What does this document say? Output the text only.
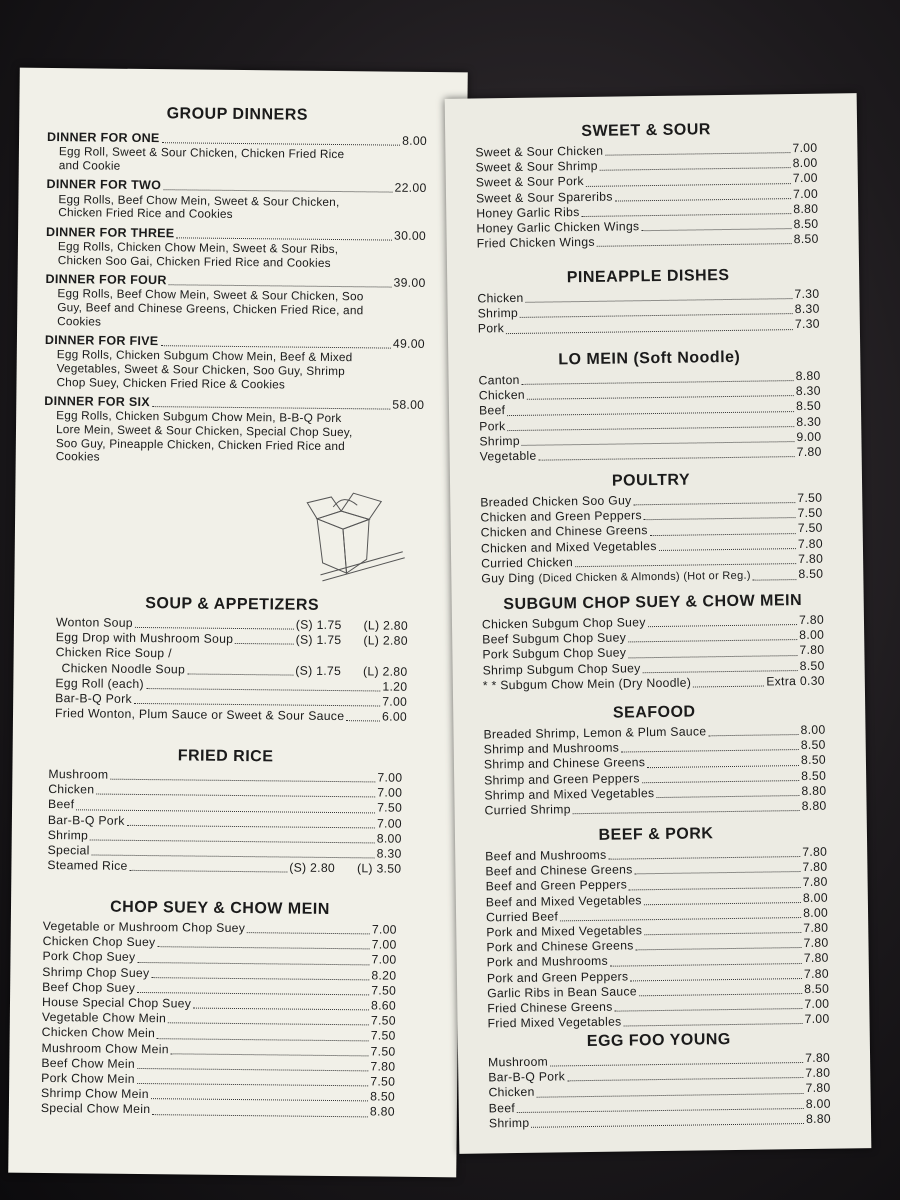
GROUP DINNERS
DINNER FOR ONE	8.00
Egg Roll, Sweet & Sour Chicken, Chicken Fried Rice and Cookie
DINNER FOR TWO	22.00
Egg Rolls, Beef Chow Mein, Sweet & Sour Chicken, Chicken Fried Rice and Cookies
DINNER FOR THREE	30.00
Egg Rolls, Chicken Chow Mein, Sweet & Sour Ribs, Chicken Soo Gai, Chicken Fried Rice and Cookies
DINNER FOR FOUR	39.00
Egg Rolls, Beef Chow Mein, Sweet & Sour Chicken, Soo Guy, Beef and Chinese Greens, Chicken Fried Rice, and Cookies
DINNER FOR FIVE	49.00
Egg Rolls, Chicken Subgum Chow Mein, Beef & Mixed Vegetables, Sweet & Sour Chicken, Soo Guy, Shrimp Chop Suey, Chicken Fried Rice & Cookies
DINNER FOR SIX	58.00
Egg Rolls, Chicken Subgum Chow Mein, B-B-Q Pork Lore Mein, Sweet & Sour Chicken, Special Chop Suey, Soo Guy, Pineapple Chicken, Chicken Fried Rice and Cookies
SOUP & APPETIZERS
Wonton Soup	(S) 1.75 (L) 2.80
Egg Drop with Mushroom Soup	(S) 1.75 (L) 2.80
Chicken Rice Soup /
Chicken Noodle Soup	(S) 1.75 (L) 2.80
Egg Roll (each)	1.20
Bar-B-Q Pork	7.00
Fried Wonton, Plum Sauce or Sweet & Sour Sauce	6.00
FRIED RICE
Mushroom	7.00
Chicken	7.00
Beef	7.50
Bar-B-Q Pork	7.00
Shrimp	8.00
Special	8.30
Steamed Rice	(S) 2.80 (L) 3.50
CHOP SUEY & CHOW MEIN
Vegetable or Mushroom Chop Suey	7.00
Chicken Chop Suey	7.00
Pork Chop Suey	7.00
Shrimp Chop Suey	8.20
Beef Chop Suey	7.50
House Special Chop Suey	8.60
Vegetable Chow Mein	7.50
Chicken Chow Mein	7.50
Mushroom Chow Mein	7.50
Beef Chow Mein	7.80
Pork Chow Mein	7.50
Shrimp Chow Mein	8.50
Special Chow Mein	8.80
SWEET & SOUR
Sweet & Sour Chicken	7.00
Sweet & Sour Shrimp	8.00
Sweet & Sour Pork	7.00
Sweet & Sour Spareribs	7.00
Honey Garlic Ribs	8.80
Honey Garlic Chicken Wings	8.50
Fried Chicken Wings	8.50
PINEAPPLE DISHES
Chicken	7.30
Shrimp	8.30
Pork	7.30
LO MEIN (Soft Noodle)
Canton	8.80
Chicken	8.30
Beef	8.50
Pork	8.30
Shrimp	9.00
Vegetable	7.80
POULTRY
Breaded Chicken Soo Guy	7.50
Chicken and Green Peppers	7.50
Chicken and Chinese Greens	7.50
Chicken and Mixed Vegetables	7.80
Curried Chicken	7.80
Guy Ding (Diced Chicken & Almonds) (Hot or Reg.)	8.50
SUBGUM CHOP SUEY & CHOW MEIN
Chicken Subgum Chop Suey	7.80
Beef Subgum Chop Suey	8.00
Pork Subgum Chop Suey	7.80
Shrimp Subgum Chop Suey	8.50
* * Subgum Chow Mein (Dry Noodle)	Extra 0.30
SEAFOOD
Breaded Shrimp, Lemon & Plum Sauce	8.00
Shrimp and Mushrooms	8.50
Shrimp and Chinese Greens	8.50
Shrimp and Green Peppers	8.50
Shrimp and Mixed Vegetables	8.80
Curried Shrimp	8.80
BEEF & PORK
Beef and Mushrooms	7.80
Beef and Chinese Greens	7.80
Beef and Green Peppers	7.80
Beef and Mixed Vegetables	8.00
Curried Beef	8.00
Pork and Mixed Vegetables	7.80
Pork and Chinese Greens	7.80
Pork and Mushrooms	7.80
Pork and Green Peppers	7.80
Garlic Ribs in Bean Sauce	8.50
Fried Chinese Greens	7.00
Fried Mixed Vegetables	7.00
EGG FOO YOUNG
Mushroom	7.80
Bar-B-Q Pork	7.80
Chicken	7.80
Beef	8.00
Shrimp	8.80
